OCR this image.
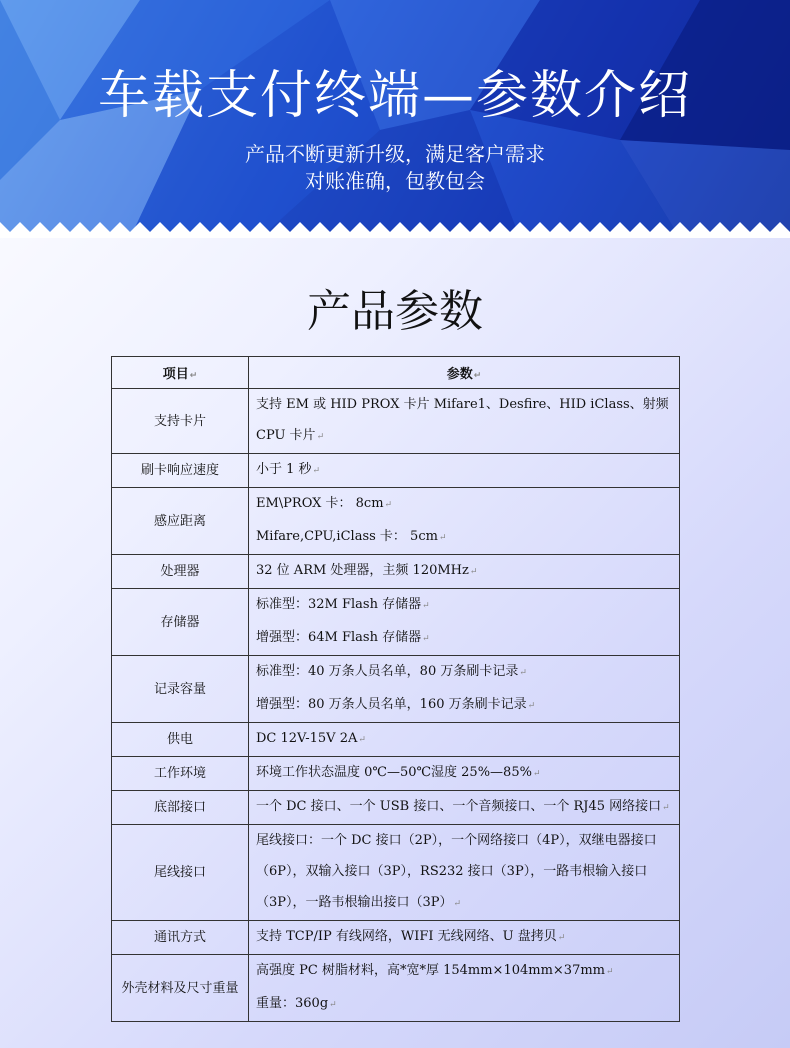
车载支付终端—参数介绍
产品不断更新升级，满足客户需求
对账准确，包教包会
产品参数
项目↵	参数↵

支持卡片	支持 EM 或 HID PROX 卡片 Mifare1、Desfire、HID iClass、射频 CPU 卡片↵

刷卡响应速度	小于 1 秒↵

感应距离	EM\PROX 卡： 8cm↵
Mifare,CPU,iClass 卡： 5cm↵

处理器	32 位 ARM 处理器，主频 120MHz↵

存储器	标准型：32M Flash 存储器↵
增强型：64M Flash 存储器↵

记录容量	标准型：40 万条人员名单，80 万条刷卡记录↵
增强型：80 万条人员名单，160 万条刷卡记录↵

供电	DC 12V-15V 2A↵

工作环境	环境工作状态温度 0℃—50℃湿度 25%—85%↵

底部接口	一个 DC 接口、一个 USB 接口、一个音频接口、一个 RJ45 网络接口↵

尾线接口	尾线接口：一个 DC 接口（2P），一个网络接口（4P），双继电器接口（6P），双输入接口（3P），RS232 接口（3P），一路韦根输入接口（3P），一路韦根输出接口（3P）↵

通讯方式	支持 TCP/IP 有线网络，WIFI 无线网络、U 盘拷贝↵

外壳材料及尺寸重量	高强度 PC 树脂材料，高*宽*厚 154mm×104mm×37mm↵
重量：360g↵
